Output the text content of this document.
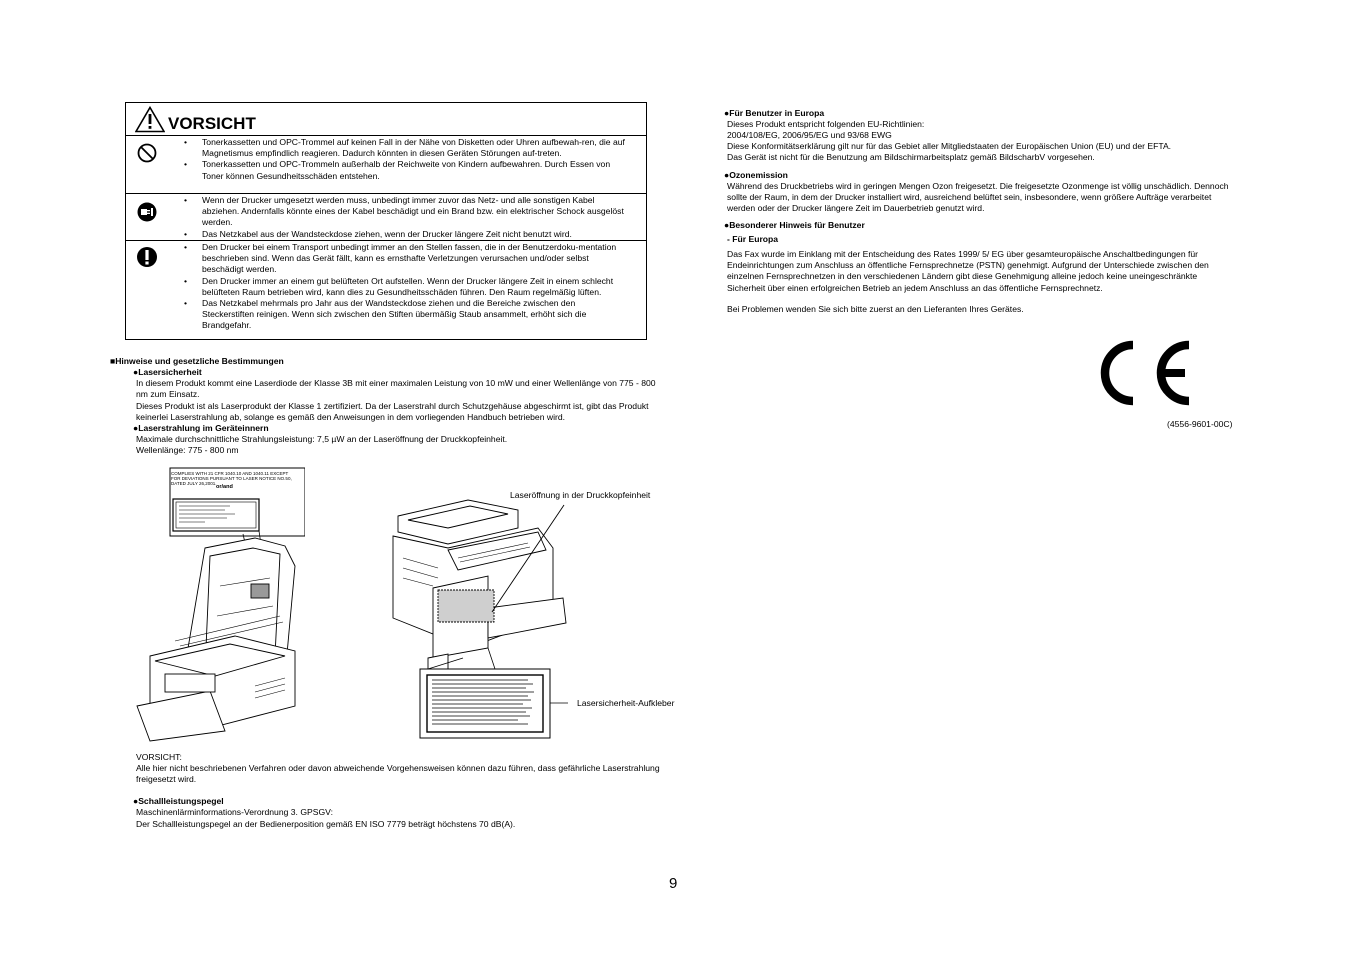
VORSICHT
• Tonerkassetten und OPC-Trommel auf keinen Fall in der Nähe von Disketten oder Uhren aufbewah-ren, die auf Magnetismus empfindlich reagieren. Dadurch könnten in diesen Geräten Störungen auf-treten.
• Tonerkassetten und OPC-Trommeln außerhalb der Reichweite von Kindern aufbewahren. Durch Essen von Toner können Gesundheitsschäden entstehen.
• Wenn der Drucker umgesetzt werden muss, unbedingt immer zuvor das Netz- und alle sonstigen Kabel abziehen. Andernfalls könnte eines der Kabel beschädigt und ein Brand bzw. ein elektrischer Schock ausgelöst werden.
• Das Netzkabel aus der Wandsteckdose ziehen, wenn der Drucker längere Zeit nicht benutzt wird.
• Den Drucker bei einem Transport unbedingt immer an den Stellen fassen, die in der Benutzerdoku-mentation beschrieben sind. Wenn das Gerät fällt, kann es ernsthafte Verletzungen verursachen und/oder selbst beschädigt werden.
• Den Drucker immer an einem gut belüfteten Ort aufstellen. Wenn der Drucker längere Zeit in einem schlecht belüfteten Raum betrieben wird, kann dies zu Gesundheitsschäden führen. Den Raum regelmäßig lüften.
• Das Netzkabel mehrmals pro Jahr aus der Wandsteckdose ziehen und die Bereiche zwischen den Steckerstiften reinigen. Wenn sich zwischen den Stiften übermäßig Staub ansammelt, erhöht sich die Brandgefahr.
■Hinweise und gesetzliche Bestimmungen
●Lasersicherheit
In diesem Produkt kommt eine Laserdiode der Klasse 3B mit einer maximalen Leistung von 10 mW und einer Wellenlänge von 775 - 800 nm zum Einsatz.
Dieses Produkt ist als Laserprodukt der Klasse 1 zertifiziert. Da der Laserstrahl durch Schutzgehäuse abgeschirmt ist, gibt das Produkt keinerlei Laserstrahlung ab, solange es gemäß den Anweisungen in dem vorliegenden Handbuch betrieben wird.
●Laserstrahlung im Geräteinnern
Maximale durchschnittliche Strahlungsleistung: 7,5 µW an der Laseröffnung der Druckkopfeinheit.
Wellenlänge: 775 - 800 nm
COMPLIES WITH 21 CFR 1040.10 AND 1040.11 EXCEPT FOR DEVIATIONS PURSUANT TO LASER NOTICE NO.50, DATED JULY 26,2001.
or/and
Laseröffnung in der Druckkopfeinheit
Lasersicherheit-Aufkleber
VORSICHT:
Alle hier nicht beschriebenen Verfahren oder davon abweichende Vorgehensweisen können dazu führen, dass gefährliche Laserstrahlung freigesetzt wird.
●Schallleistungspegel
Maschinenlärminformations-Verordnung 3. GPSGV:
Der Schallleistungspegel an der Bedienerposition gemäß EN ISO 7779 beträgt höchstens 70 dB(A).
●Für Benutzer in Europa
Dieses Produkt entspricht folgenden EU-Richtlinien:
2004/108/EG, 2006/95/EG und 93/68 EWG
Diese Konformitätserklärung gilt nur für das Gebiet aller Mitgliedstaaten der Europäischen Union (EU) und der EFTA.
Das Gerät ist nicht für die Benutzung am Bildschirmarbeitsplatz gemäß BildscharbV vorgesehen.
●Ozonemission
Während des Druckbetriebs wird in geringen Mengen Ozon freigesetzt. Die freigesetzte Ozonmenge ist völlig unschädlich. Dennoch sollte der Raum, in dem der Drucker installiert wird, ausreichend belüftet sein, insbesondere, wenn größere Aufträge verarbeitet werden oder der Drucker längere Zeit im Dauerbetrieb genutzt wird.
●Besonderer Hinweis für Benutzer
- Für Europa
Das Fax wurde im Einklang mit der Entscheidung des Rates 1999/ 5/ EG über gesamteuropäische Anschaltbedingungen für Endeinrichtungen zum Anschluss an öffentliche Fernsprechnetze (PSTN) genehmigt. Aufgrund der Unterschiede zwischen den einzelnen Fernsprechnetzen in den verschiedenen Ländern gibt diese Genehmigung alleine jedoch keine uneingeschränkte Sicherheit über einen erfolgreichen Betrieb an jedem Anschluss an das öffentliche Fernsprechnetz.
Bei Problemen wenden Sie sich bitte zuerst an den Lieferanten Ihres Gerätes.
(4556-9601-00C)
9
